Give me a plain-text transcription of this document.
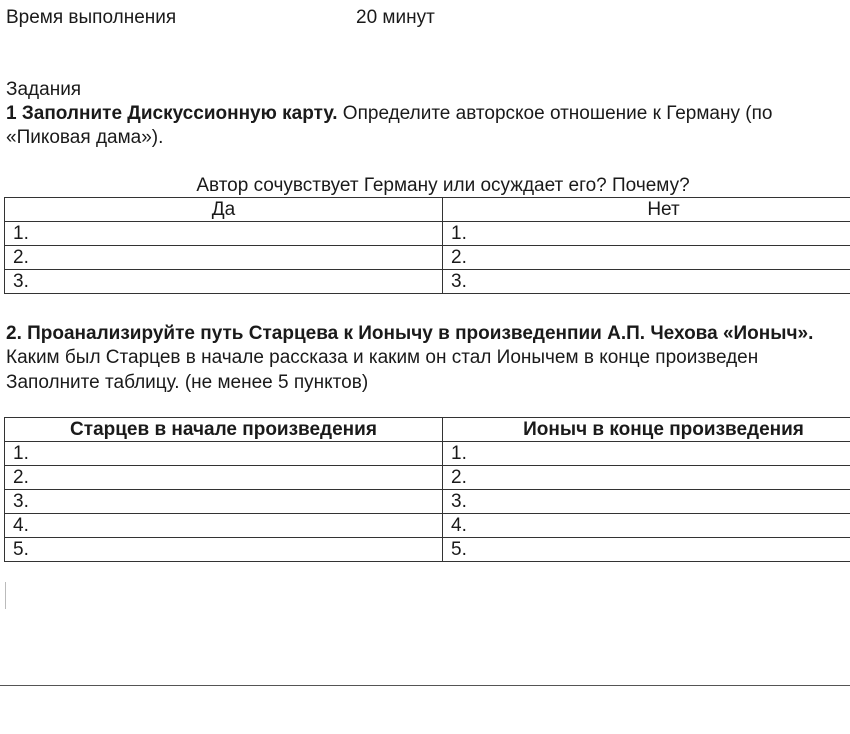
Время выполнения	20 минут
Задания
1 Заполните Дискуссионную карту. Определите авторское отношение к Герману (по
«Пиковая дама»).
Автор сочувствует Герману или осуждает его? Почему?
Да	Нет
1.	1.
2.	2.
3.	3.
2. Проанализируйте путь Старцева к Ионычу в произведенпии А.П. Чехова «Ионыч».
Каким был Старцев в начале рассказа и каким он стал Ионычем в конце произведен
Заполните таблицу. (не менее 5 пунктов)
Старцев в начале произведения	Ионыч в конце произведения
1.	1.
2.	2.
3.	3.
4.	4.
5.	5.
